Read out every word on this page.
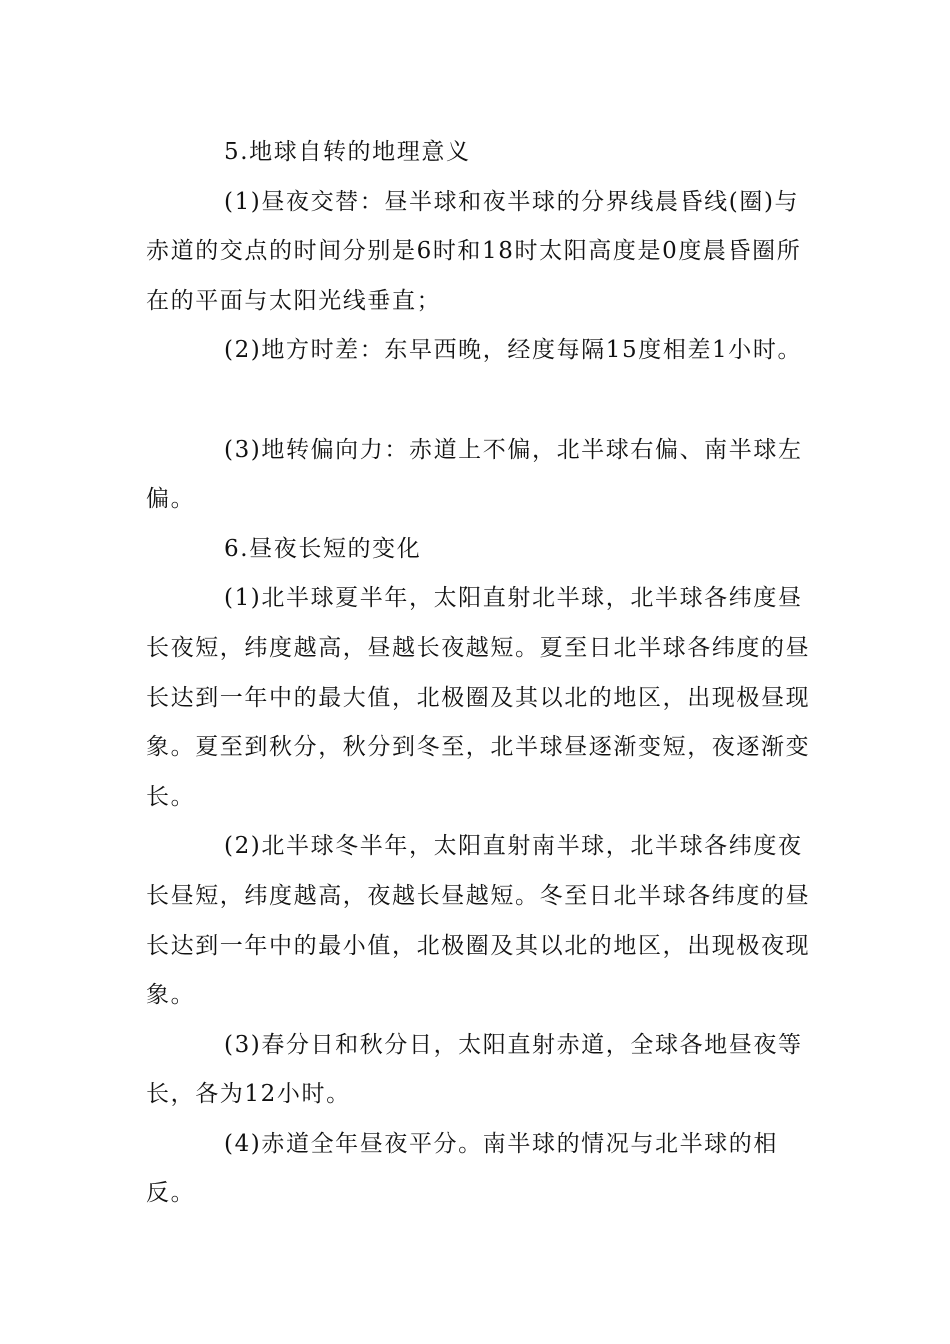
5.地球自转的地理意义

(1)昼夜交替：昼半球和夜半球的分界线晨昏线(圈)与赤道的交点的时间分别是6时和18时太阳高度是0度晨昏圈所在的平面与太阳光线垂直；

(2)地方时差：东早西晚，经度每隔15度相差1小时。

(3)地转偏向力：赤道上不偏，北半球右偏、南半球左偏。

6.昼夜长短的变化

(1)北半球夏半年，太阳直射北半球，北半球各纬度昼长夜短，纬度越高，昼越长夜越短。夏至日北半球各纬度的昼长达到一年中的最大值，北极圈及其以北的地区，出现极昼现象。夏至到秋分，秋分到冬至，北半球昼逐渐变短，夜逐渐变长。

(2)北半球冬半年，太阳直射南半球，北半球各纬度夜长昼短，纬度越高，夜越长昼越短。冬至日北半球各纬度的昼长达到一年中的最小值，北极圈及其以北的地区，出现极夜现象。

(3)春分日和秋分日，太阳直射赤道，全球各地昼夜等长，各为12小时。

(4)赤道全年昼夜平分。南半球的情况与北半球的相反。
